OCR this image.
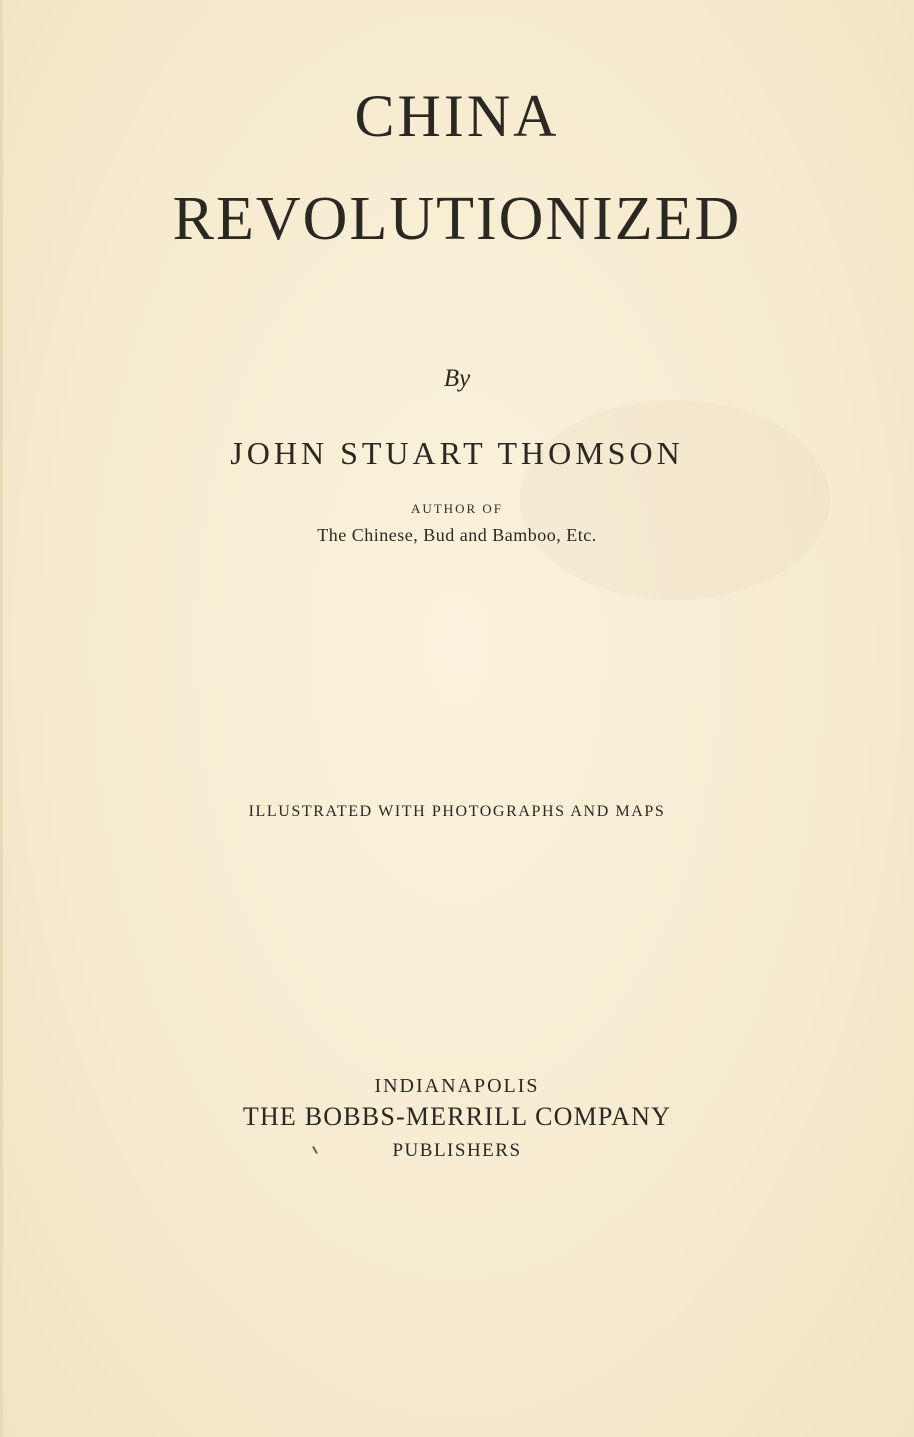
CHINA
REVOLUTIONIZED
By
JOHN STUART THOMSON
AUTHOR OF
The Chinese, Bud and Bamboo, Etc.
ILLUSTRATED WITH PHOTOGRAPHS AND MAPS
INDIANAPOLIS
THE BOBBS-MERRILL COMPANY
PUBLISHERS
